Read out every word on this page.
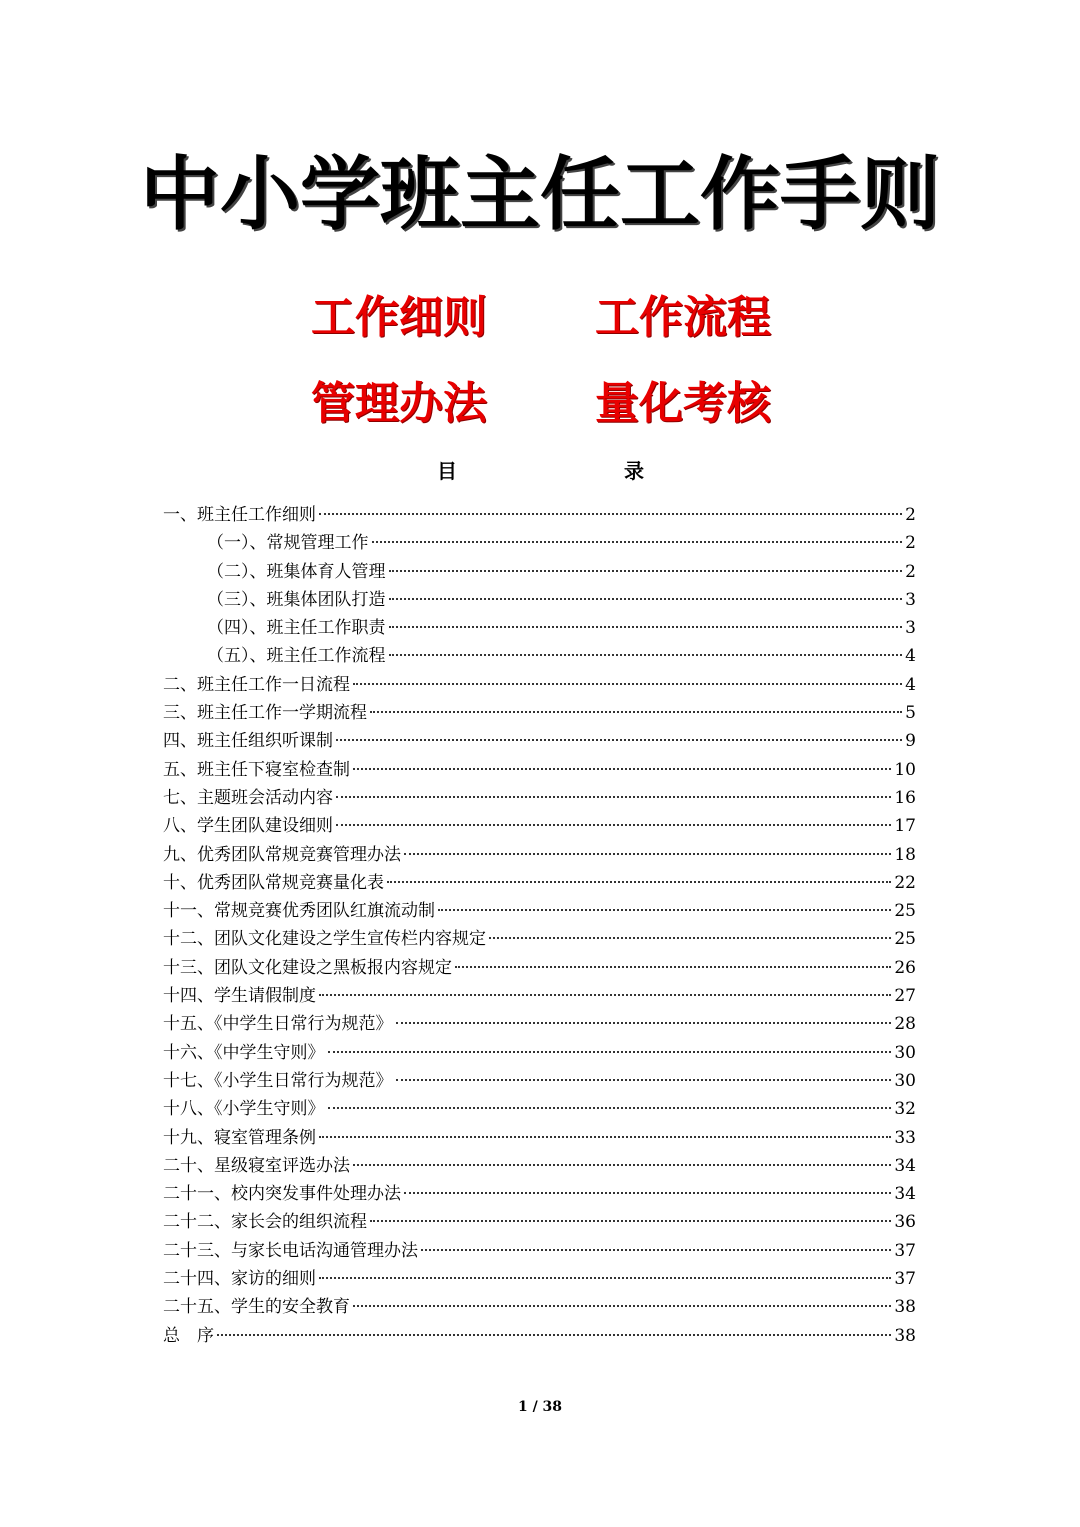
中小学班主任工作手则
工作细则 工作流程
管理办法 量化考核
目	录
一、班主任工作细则	2
（一）、常规管理工作	2
（二）、班集体育人管理	2
（三）、班集体团队打造	3
（四）、班主任工作职责	3
（五）、班主任工作流程	4
二、班主任工作一日流程	4
三、班主任工作一学期流程	5
四、班主任组织听课制	9
五、班主任下寝室检查制	10
七、主题班会活动内容	16
八、学生团队建设细则	17
九、优秀团队常规竞赛管理办法	18
十、优秀团队常规竞赛量化表	22
十一、常规竞赛优秀团队红旗流动制	25
十二、团队文化建设之学生宣传栏内容规定	25
十三、团队文化建设之黑板报内容规定	26
十四、学生请假制度	27
十五、《中学生日常行为规范》	28
十六、《中学生守则》	30
十七、《小学生日常行为规范》	30
十八、《小学生守则》	32
十九、寝室管理条例	33
二十、星级寝室评选办法	34
二十一、校内突发事件处理办法	34
二十二、家长会的组织流程	36
二十三、与家长电话沟通管理办法	37
二十四、家访的细则	37
二十五、学生的安全教育	38
总　序	38
1 / 38
